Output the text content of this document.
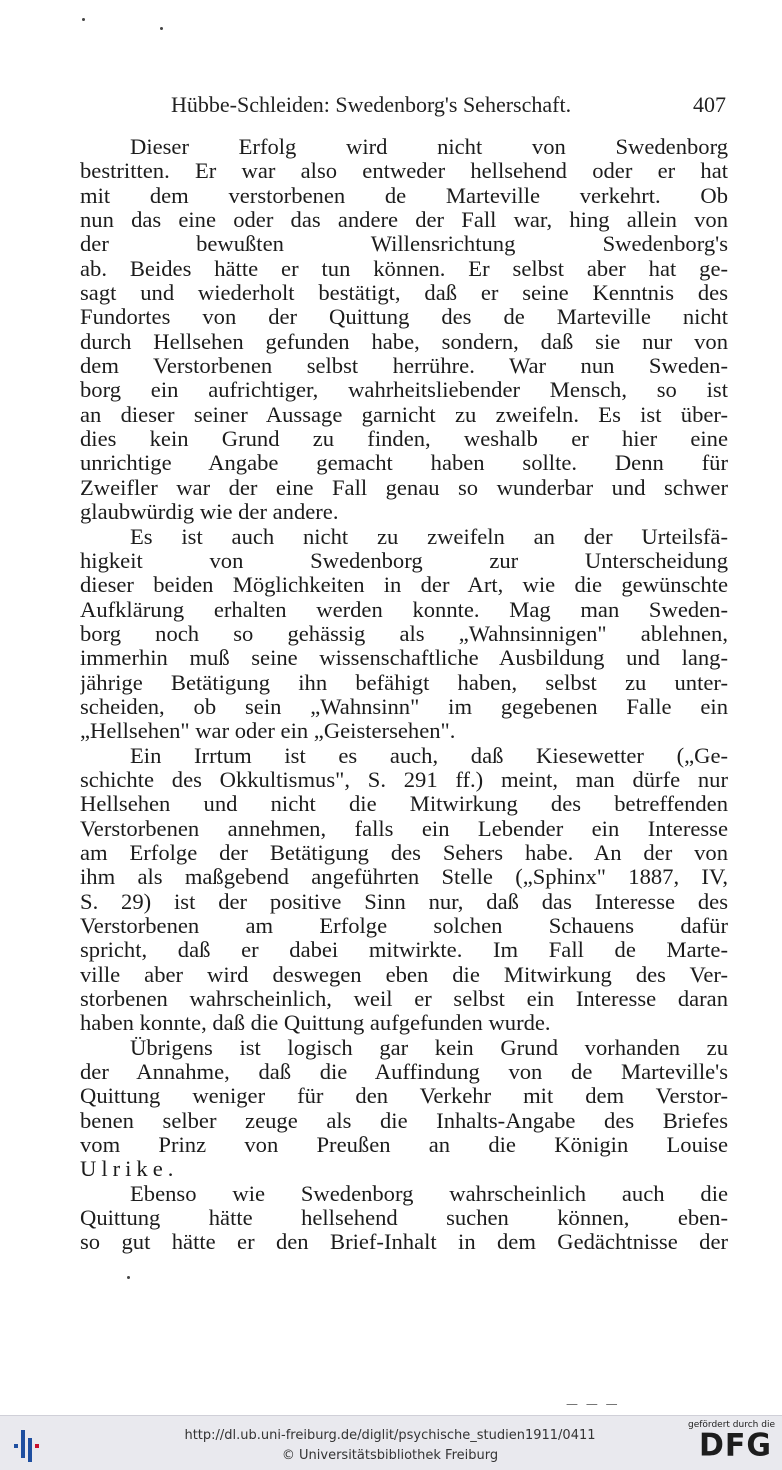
Hübbe-Schleiden: Swedenborg's Seherschaft.	407

Dieser Erfolg wird nicht von Swedenborg
bestritten. Er war also entweder hellsehend oder er hat
mit dem verstorbenen de Marteville verkehrt. Ob
nun das eine oder das andere der Fall war, hing allein von
der bewußten Willensrichtung Swedenborg's
ab. Beides hätte er tun können. Er selbst aber hat ge-
sagt und wiederholt bestätigt, daß er seine Kenntnis des
Fundortes von der Quittung des de Marteville nicht
durch Hellsehen gefunden habe, sondern, daß sie nur von
dem Verstorbenen selbst herrühre. War nun Sweden-
borg ein aufrichtiger, wahrheitsliebender Mensch, so ist
an dieser seiner Aussage garnicht zu zweifeln. Es ist über-
dies kein Grund zu finden, weshalb er hier eine
unrichtige Angabe gemacht haben sollte. Denn für
Zweifler war der eine Fall genau so wunderbar und schwer
glaubwürdig wie der andere.

Es ist auch nicht zu zweifeln an der Urteilsfä-
higkeit von Swedenborg zur Unterscheidung
dieser beiden Möglichkeiten in der Art, wie die gewünschte
Aufklärung erhalten werden konnte. Mag man Sweden-
borg noch so gehässig als „Wahnsinnigen" ablehnen,
immerhin muß seine wissenschaftliche Ausbildung und lang-
jährige Betätigung ihn befähigt haben, selbst zu unter-
scheiden, ob sein „Wahnsinn" im gegebenen Falle ein
„Hellsehen" war oder ein „Geistersehen".

Ein Irrtum ist es auch, daß Kiesewetter („Ge-
schichte des Okkultismus", S. 291 ff.) meint, man dürfe nur
Hellsehen und nicht die Mitwirkung des betreffenden
Verstorbenen annehmen, falls ein Lebender ein Interesse
am Erfolge der Betätigung des Sehers habe. An der von
ihm als maßgebend angeführten Stelle („Sphinx" 1887, IV,
S. 29) ist der positive Sinn nur, daß das Interesse des
Verstorbenen am Erfolge solchen Schauens dafür
spricht, daß er dabei mitwirkte. Im Fall de Marte-
ville aber wird deswegen eben die Mitwirkung des Ver-
storbenen wahrscheinlich, weil er selbst ein Interesse daran
haben konnte, daß die Quittung aufgefunden wurde.

Übrigens ist logisch gar kein Grund vorhanden zu
der Annahme, daß die Auffindung von de Marteville's
Quittung weniger für den Verkehr mit dem Verstor-
benen selber zeuge als die Inhalts-Angabe des Briefes
vom Prinz von Preußen an die Königin Louise
Ulrike.

Ebenso wie Swedenborg wahrscheinlich auch die
Quittung hätte hellsehend suchen können, eben-
so gut hätte er den Brief-Inhalt in dem Gedächtnisse der

— — —
http://dl.ub.uni-freiburg.de/diglit/psychische_studien1911/0411
© Universitätsbibliothek Freiburg
gefördert durch die
DFG
